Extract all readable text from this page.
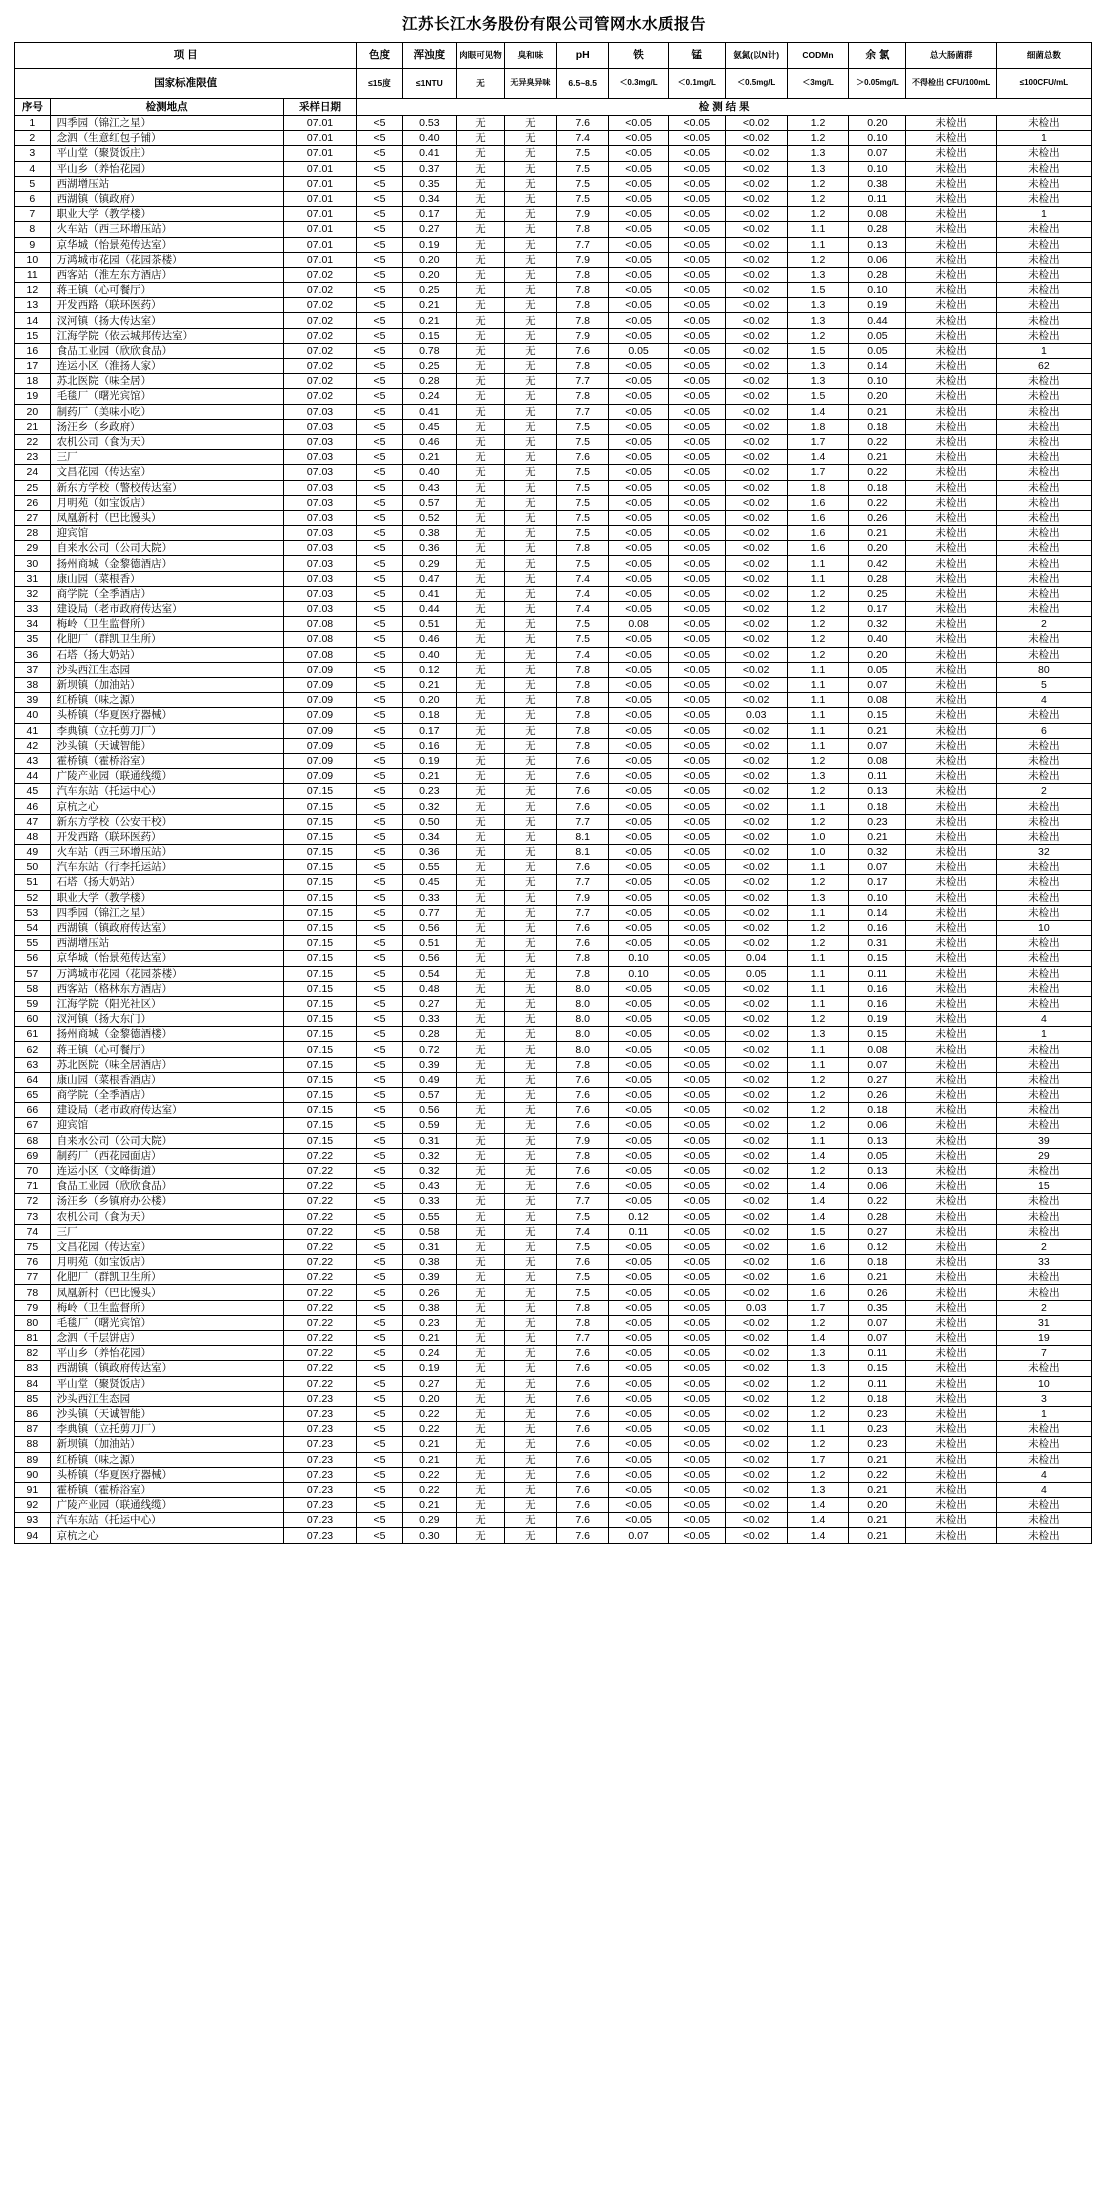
江苏长江水务股份有限公司管网水水质报告
项 目			色度	浑浊度	肉眼可见物	臭和味	pH	铁	锰	氨氮(以N计)	CODMn	余 氯	总大肠菌群	细菌总数
国家标准限值			≤15度	≤1NTU	无	无异臭异味	6.5~8.5	＜0.3mg/L	＜0.1mg/L	＜0.5mg/L	＜3mg/L	＞0.05mg/L	不得检出 CFU/100mL	≤100CFU/mL
序号	检测地点	采样日期	检 测 结 果											
1	四季园（锦江之星）	07.01	<5	0.53	无	无	7.6	<0.05	<0.05	<0.02	1.2	0.20	未检出	未检出
2	念泗（生意红包子铺）	07.01	<5	0.40	无	无	7.4	<0.05	<0.05	<0.02	1.2	0.10	未检出	1
3	平山堂（聚贤饭庄）	07.01	<5	0.41	无	无	7.5	<0.05	<0.05	<0.02	1.3	0.07	未检出	未检出
4	平山乡（养怡花园）	07.01	<5	0.37	无	无	7.5	<0.05	<0.05	<0.02	1.3	0.10	未检出	未检出
5	西湖增压站	07.01	<5	0.35	无	无	7.5	<0.05	<0.05	<0.02	1.2	0.38	未检出	未检出
6	西湖镇（镇政府）	07.01	<5	0.34	无	无	7.5	<0.05	<0.05	<0.02	1.2	0.11	未检出	未检出
7	职业大学（教学楼）	07.01	<5	0.17	无	无	7.9	<0.05	<0.05	<0.02	1.2	0.08	未检出	1
8	火车站（西三环增压站）	07.01	<5	0.27	无	无	7.8	<0.05	<0.05	<0.02	1.1	0.28	未检出	未检出
9	京华城（怡景苑传达室）	07.01	<5	0.19	无	无	7.7	<0.05	<0.05	<0.02	1.1	0.13	未检出	未检出
10	万鸿城市花园（花园茶楼）	07.01	<5	0.20	无	无	7.9	<0.05	<0.05	<0.02	1.2	0.06	未检出	未检出
11	西客站（淮左东方酒店）	07.02	<5	0.20	无	无	7.8	<0.05	<0.05	<0.02	1.3	0.28	未检出	未检出
12	蒋王镇（心可餐厅）	07.02	<5	0.25	无	无	7.8	<0.05	<0.05	<0.02	1.5	0.10	未检出	未检出
13	开发西路（联环医药）	07.02	<5	0.21	无	无	7.8	<0.05	<0.05	<0.02	1.3	0.19	未检出	未检出
14	汊河镇（扬大传达室）	07.02	<5	0.21	无	无	7.8	<0.05	<0.05	<0.02	1.3	0.44	未检出	未检出
15	江海学院（依云城邦传达室）	07.02	<5	0.15	无	无	7.9	<0.05	<0.05	<0.02	1.2	0.05	未检出	未检出
16	食品工业园（欣欣食品）	07.02	<5	0.78	无	无	7.6	0.05	<0.05	<0.02	1.5	0.05	未检出	1
17	连运小区（淮扬人家）	07.02	<5	0.25	无	无	7.8	<0.05	<0.05	<0.02	1.3	0.14	未检出	62
18	苏北医院（味全居）	07.02	<5	0.28	无	无	7.7	<0.05	<0.05	<0.02	1.3	0.10	未检出	未检出
19	毛毯厂（曙光宾馆）	07.02	<5	0.24	无	无	7.8	<0.05	<0.05	<0.02	1.5	0.20	未检出	未检出
20	制药厂（美味小吃）	07.03	<5	0.41	无	无	7.7	<0.05	<0.05	<0.02	1.4	0.21	未检出	未检出
21	汤汪乡（乡政府）	07.03	<5	0.45	无	无	7.5	<0.05	<0.05	<0.02	1.8	0.18	未检出	未检出
22	农机公司（食为天）	07.03	<5	0.46	无	无	7.5	<0.05	<0.05	<0.02	1.7	0.22	未检出	未检出
23	三厂	07.03	<5	0.21	无	无	7.6	<0.05	<0.05	<0.02	1.4	0.21	未检出	未检出
24	文昌花园（传达室）	07.03	<5	0.40	无	无	7.5	<0.05	<0.05	<0.02	1.7	0.22	未检出	未检出
25	新东方学校（警校传达室）	07.03	<5	0.43	无	无	7.5	<0.05	<0.05	<0.02	1.8	0.18	未检出	未检出
26	月明苑（如宝饭店）	07.03	<5	0.57	无	无	7.5	<0.05	<0.05	<0.02	1.6	0.22	未检出	未检出
27	凤凰新村（巴比馒头）	07.03	<5	0.52	无	无	7.5	<0.05	<0.05	<0.02	1.6	0.26	未检出	未检出
28	迎宾馆	07.03	<5	0.38	无	无	7.5	<0.05	<0.05	<0.02	1.6	0.21	未检出	未检出
29	自来水公司（公司大院）	07.03	<5	0.36	无	无	7.8	<0.05	<0.05	<0.02	1.6	0.20	未检出	未检出
30	扬州商城（金黎德酒店）	07.03	<5	0.29	无	无	7.5	<0.05	<0.05	<0.02	1.1	0.42	未检出	未检出
31	康山园（菜根香）	07.03	<5	0.47	无	无	7.4	<0.05	<0.05	<0.02	1.1	0.28	未检出	未检出
32	商学院（全季酒店）	07.03	<5	0.41	无	无	7.4	<0.05	<0.05	<0.02	1.2	0.25	未检出	未检出
33	建设局（老市政府传达室）	07.03	<5	0.44	无	无	7.4	<0.05	<0.05	<0.02	1.2	0.17	未检出	未检出
34	梅岭（卫生监督所）	07.08	<5	0.51	无	无	7.5	0.08	<0.05	<0.02	1.2	0.32	未检出	2
35	化肥厂（群凯卫生所）	07.08	<5	0.46	无	无	7.5	<0.05	<0.05	<0.02	1.2	0.40	未检出	未检出
36	石塔（扬大奶站）	07.08	<5	0.40	无	无	7.4	<0.05	<0.05	<0.02	1.2	0.20	未检出	未检出
37	沙头西江生态园	07.09	<5	0.12	无	无	7.8	<0.05	<0.05	<0.02	1.1	0.05	未检出	80
38	新坝镇（加油站）	07.09	<5	0.21	无	无	7.8	<0.05	<0.05	<0.02	1.1	0.07	未检出	5
39	红桥镇（味之源）	07.09	<5	0.20	无	无	7.8	<0.05	<0.05	<0.02	1.1	0.08	未检出	4
40	头桥镇（华夏医疗器械）	07.09	<5	0.18	无	无	7.8	<0.05	<0.05	0.03	1.1	0.15	未检出	未检出
41	李典镇（立托剪刀厂）	07.09	<5	0.17	无	无	7.8	<0.05	<0.05	<0.02	1.1	0.21	未检出	6
42	沙头镇（天诚智能）	07.09	<5	0.16	无	无	7.8	<0.05	<0.05	<0.02	1.1	0.07	未检出	未检出
43	霍桥镇（霍桥浴室）	07.09	<5	0.19	无	无	7.6	<0.05	<0.05	<0.02	1.2	0.08	未检出	未检出
44	广陵产业园（联通线缆）	07.09	<5	0.21	无	无	7.6	<0.05	<0.05	<0.02	1.3	0.11	未检出	未检出
45	汽车东站（托运中心）	07.15	<5	0.23	无	无	7.6	<0.05	<0.05	<0.02	1.2	0.13	未检出	2
46	京杭之心	07.15	<5	0.32	无	无	7.6	<0.05	<0.05	<0.02	1.1	0.18	未检出	未检出
47	新东方学校（公安干校）	07.15	<5	0.50	无	无	7.7	<0.05	<0.05	<0.02	1.2	0.23	未检出	未检出
48	开发西路（联环医药）	07.15	<5	0.34	无	无	8.1	<0.05	<0.05	<0.02	1.0	0.21	未检出	未检出
49	火车站（西三环增压站）	07.15	<5	0.36	无	无	8.1	<0.05	<0.05	<0.02	1.0	0.32	未检出	32
50	汽车东站（行李托运站）	07.15	<5	0.55	无	无	7.6	<0.05	<0.05	<0.02	1.1	0.07	未检出	未检出
51	石塔（扬大奶站）	07.15	<5	0.45	无	无	7.7	<0.05	<0.05	<0.02	1.2	0.17	未检出	未检出
52	职业大学（教学楼）	07.15	<5	0.33	无	无	7.9	<0.05	<0.05	<0.02	1.3	0.10	未检出	未检出
53	四季园（锦江之星）	07.15	<5	0.77	无	无	7.7	<0.05	<0.05	<0.02	1.1	0.14	未检出	未检出
54	西湖镇（镇政府传达室）	07.15	<5	0.56	无	无	7.6	<0.05	<0.05	<0.02	1.2	0.16	未检出	10
55	西湖增压站	07.15	<5	0.51	无	无	7.6	<0.05	<0.05	<0.02	1.2	0.31	未检出	未检出
56	京华城（怡景苑传达室）	07.15	<5	0.56	无	无	7.8	0.10	<0.05	0.04	1.1	0.15	未检出	未检出
57	万鸿城市花园（花园茶楼）	07.15	<5	0.54	无	无	7.8	0.10	<0.05	0.05	1.1	0.11	未检出	未检出
58	西客站（格林东方酒店）	07.15	<5	0.48	无	无	8.0	<0.05	<0.05	<0.02	1.1	0.16	未检出	未检出
59	江海学院（阳光社区）	07.15	<5	0.27	无	无	8.0	<0.05	<0.05	<0.02	1.1	0.16	未检出	未检出
60	汊河镇（扬大东门）	07.15	<5	0.33	无	无	8.0	<0.05	<0.05	<0.02	1.2	0.19	未检出	4
61	扬州商城（金黎德酒楼）	07.15	<5	0.28	无	无	8.0	<0.05	<0.05	<0.02	1.3	0.15	未检出	1
62	蒋王镇（心可餐厅）	07.15	<5	0.72	无	无	8.0	<0.05	<0.05	<0.02	1.1	0.08	未检出	未检出
63	苏北医院（味全居酒店）	07.15	<5	0.39	无	无	7.8	<0.05	<0.05	<0.02	1.1	0.07	未检出	未检出
64	康山园（菜根香酒店）	07.15	<5	0.49	无	无	7.6	<0.05	<0.05	<0.02	1.2	0.27	未检出	未检出
65	商学院（全季酒店）	07.15	<5	0.57	无	无	7.6	<0.05	<0.05	<0.02	1.2	0.26	未检出	未检出
66	建设局（老市政府传达室）	07.15	<5	0.56	无	无	7.6	<0.05	<0.05	<0.02	1.2	0.18	未检出	未检出
67	迎宾馆	07.15	<5	0.59	无	无	7.6	<0.05	<0.05	<0.02	1.2	0.06	未检出	未检出
68	自来水公司（公司大院）	07.15	<5	0.31	无	无	7.9	<0.05	<0.05	<0.02	1.1	0.13	未检出	39
69	制药厂（西花园面店）	07.22	<5	0.32	无	无	7.8	<0.05	<0.05	<0.02	1.4	0.05	未检出	29
70	连运小区（文峰街道）	07.22	<5	0.32	无	无	7.6	<0.05	<0.05	<0.02	1.2	0.13	未检出	未检出
71	食品工业园（欣欣食品）	07.22	<5	0.43	无	无	7.6	<0.05	<0.05	<0.02	1.4	0.06	未检出	15
72	汤汪乡（乡镇府办公楼）	07.22	<5	0.33	无	无	7.7	<0.05	<0.05	<0.02	1.4	0.22	未检出	未检出
73	农机公司（食为天）	07.22	<5	0.55	无	无	7.5	0.12	<0.05	<0.02	1.4	0.28	未检出	未检出
74	三厂	07.22	<5	0.58	无	无	7.4	0.11	<0.05	<0.02	1.5	0.27	未检出	未检出
75	文昌花园（传达室）	07.22	<5	0.31	无	无	7.5	<0.05	<0.05	<0.02	1.6	0.12	未检出	2
76	月明苑（如宝饭店）	07.22	<5	0.38	无	无	7.6	<0.05	<0.05	<0.02	1.6	0.18	未检出	33
77	化肥厂（群凯卫生所）	07.22	<5	0.39	无	无	7.5	<0.05	<0.05	<0.02	1.6	0.21	未检出	未检出
78	凤凰新村（巴比馒头）	07.22	<5	0.26	无	无	7.5	<0.05	<0.05	<0.02	1.6	0.26	未检出	未检出
79	梅岭（卫生监督所）	07.22	<5	0.38	无	无	7.8	<0.05	<0.05	0.03	1.7	0.35	未检出	2
80	毛毯厂（曙光宾馆）	07.22	<5	0.23	无	无	7.8	<0.05	<0.05	<0.02	1.2	0.07	未检出	31
81	念泗（千层饼店）	07.22	<5	0.21	无	无	7.7	<0.05	<0.05	<0.02	1.4	0.07	未检出	19
82	平山乡（养怡花园）	07.22	<5	0.24	无	无	7.6	<0.05	<0.05	<0.02	1.3	0.11	未检出	7
83	西湖镇（镇政府传达室）	07.22	<5	0.19	无	无	7.6	<0.05	<0.05	<0.02	1.3	0.15	未检出	未检出
84	平山堂（聚贤饭店）	07.22	<5	0.27	无	无	7.6	<0.05	<0.05	<0.02	1.2	0.11	未检出	10
85	沙头西江生态园	07.23	<5	0.20	无	无	7.6	<0.05	<0.05	<0.02	1.2	0.18	未检出	3
86	沙头镇（天诚智能）	07.23	<5	0.22	无	无	7.6	<0.05	<0.05	<0.02	1.2	0.23	未检出	1
87	李典镇（立托剪刀厂）	07.23	<5	0.22	无	无	7.6	<0.05	<0.05	<0.02	1.1	0.23	未检出	未检出
88	新坝镇（加油站）	07.23	<5	0.21	无	无	7.6	<0.05	<0.05	<0.02	1.2	0.23	未检出	未检出
89	红桥镇（味之源）	07.23	<5	0.21	无	无	7.6	<0.05	<0.05	<0.02	1.7	0.21	未检出	未检出
90	头桥镇（华夏医疗器械）	07.23	<5	0.22	无	无	7.6	<0.05	<0.05	<0.02	1.2	0.22	未检出	4
91	霍桥镇（霍桥浴室）	07.23	<5	0.22	无	无	7.6	<0.05	<0.05	<0.02	1.3	0.21	未检出	4
92	广陵产业园（联通线缆）	07.23	<5	0.21	无	无	7.6	<0.05	<0.05	<0.02	1.4	0.20	未检出	未检出
93	汽车东站（托运中心）	07.23	<5	0.29	无	无	7.6	<0.05	<0.05	<0.02	1.4	0.21	未检出	未检出
94	京杭之心	07.23	<5	0.30	无	无	7.6	0.07	<0.05	<0.02	1.4	0.21	未检出	未检出
